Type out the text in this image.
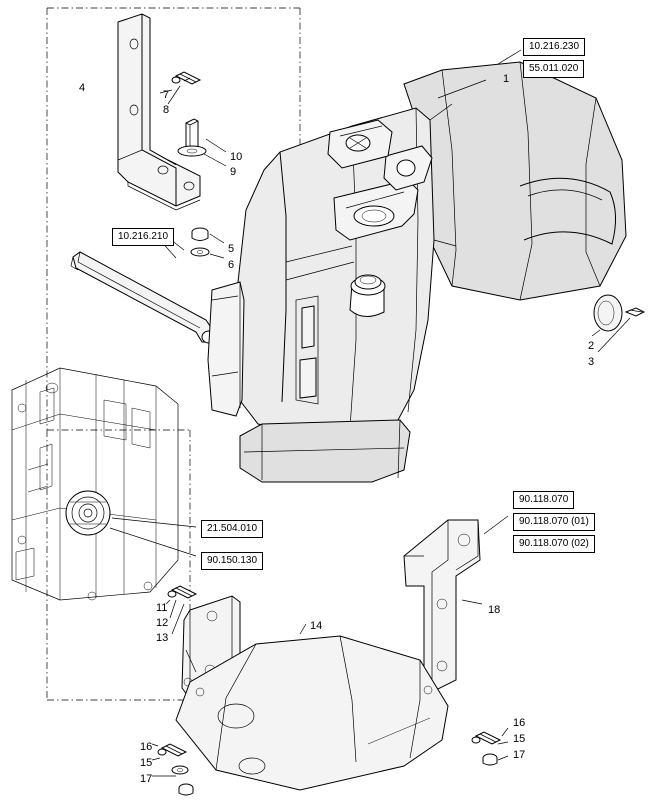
10.216.230
55.011.020
10.216.210
21.504.010
90.150.130
90.118.070
90.118.070 (01)
90.118.070 (02)
1
4
7
8
10
9
5
6
2
3
11
12
13
14
18
16
15
17
16
15
17
